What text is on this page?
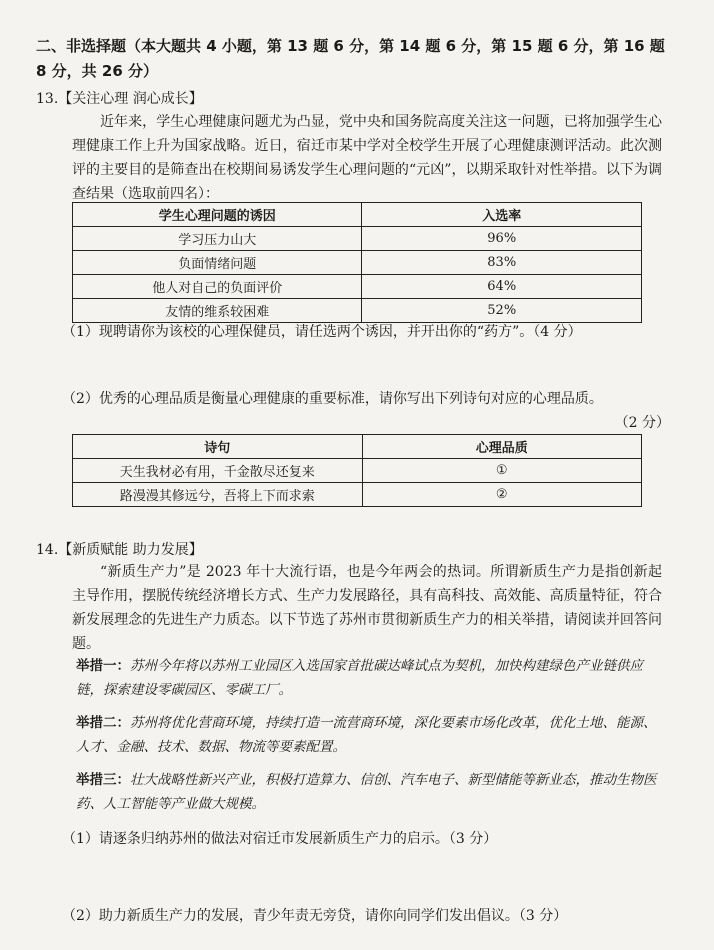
二、非选择题（本大题共 4 小题，第 13 题 6 分，第 14 题 6 分，第 15 题 6 分，第 16 题 8 分，共 26 分）
13.【关注心理 润心成长】
近年来，学生心理健康问题尤为凸显，党中央和国务院高度关注这一问题，已将加强学生心理健康工作上升为国家战略。近日，宿迁市某中学对全校学生开展了心理健康测评活动。此次测评的主要目的是筛查出在校期间易诱发学生心理问题的“元凶”，以期采取针对性举措。以下为调查结果（选取前四名）：
学生心理问题的诱因	入选率
学习压力山大	96%
负面情绪问题	83%
他人对自己的负面评价	64%
友情的维系较困难	52%
（1）现聘请你为该校的心理保健员，请任选两个诱因，并开出你的“药方”。（4 分）
（2）优秀的心理品质是衡量心理健康的重要标准，请你写出下列诗句对应的心理品质。
（2 分）
诗句	心理品质
天生我材必有用，千金散尽还复来	①
路漫漫其修远兮，吾将上下而求索	②
14.【新质赋能 助力发展】
“新质生产力”是 2023 年十大流行语，也是今年两会的热词。所谓新质生产力是指创新起主导作用，摆脱传统经济增长方式、生产力发展路径，具有高科技、高效能、高质量特征，符合新发展理念的先进生产力质态。以下节选了苏州市贯彻新质生产力的相关举措，请阅读并回答问题。
举措一：苏州今年将以苏州工业园区入选国家首批碳达峰试点为契机，加快构建绿色产业链供应链，探索建设零碳园区、零碳工厂。
举措二：苏州将优化营商环境，持续打造一流营商环境，深化要素市场化改革，优化土地、能源、人才、金融、技术、数据、物流等要素配置。
举措三：壮大战略性新兴产业，积极打造算力、信创、汽车电子、新型储能等新业态，推动生物医药、人工智能等产业做大规模。
（1）请逐条归纳苏州的做法对宿迁市发展新质生产力的启示。（3 分）
（2）助力新质生产力的发展，青少年责无旁贷，请你向同学们发出倡议。（3 分）
